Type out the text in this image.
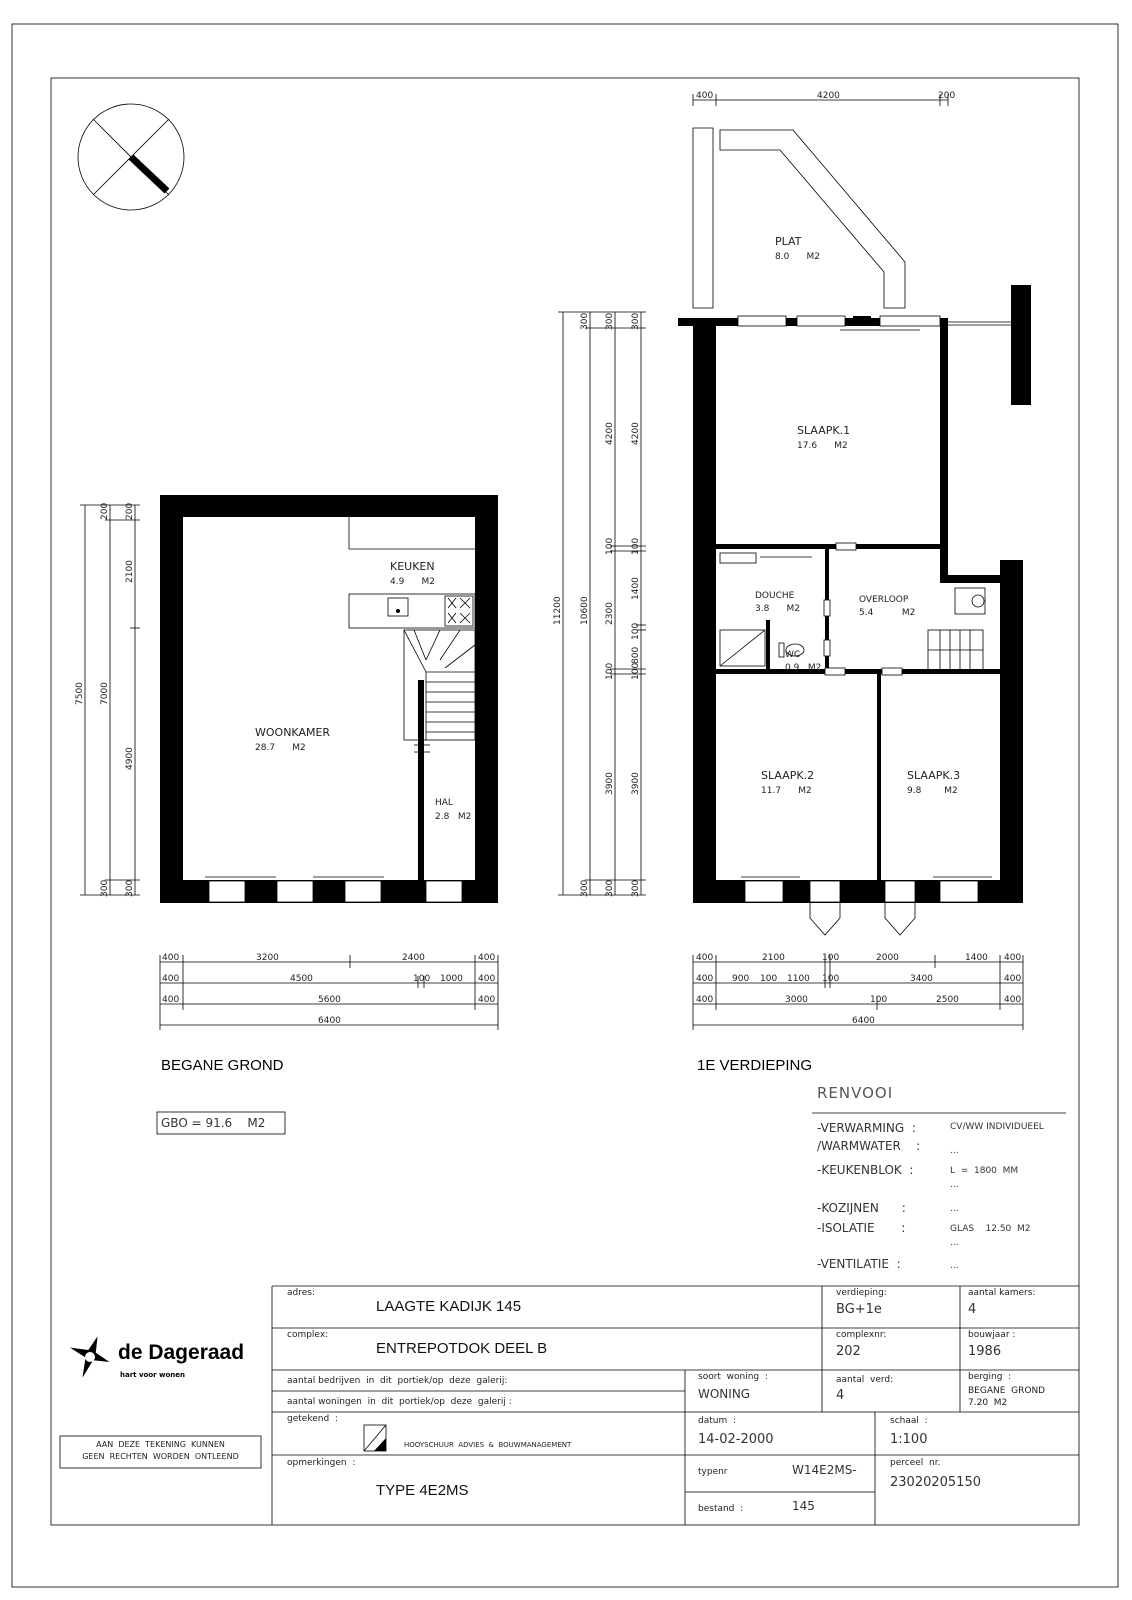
7500 7000
200 200
2100
4900
300 300
400	3200	2400	400
400	4500	100 1000 400
400	5600	400
6400
400	4200	200
11200 10600
300 300 300
4200 4200
100 100
2300
1400
100
800
100 100
3900 3900
300 300 300
400	2100	100	2000	1400 400
400 900 100 1100 100	3400	400
400	3000	100	2500	400
6400
KEUKEN
4.9      M2
WOONKAMER
28.7      M2
HAL
2.8   M2
PLAT
8.0      M2
SLAAPK.1
17.6      M2
DOUCHE
3.8      M2
OVERLOOP
5.4          M2
WC
0.9   M2
SLAAPK.2
11.7      M2
SLAAPK.3
9.8        M2
BEGANE GROND	1E VERDIEPING
GBO = 91.6    M2
RENVOOI
-VERWARMING  :	CV/WW INDIVIDUEEL
/WARMWATER    :	...
-KEUKENBLOK  :	L  =  1800  MM
...
-KOZIJNEN      :	...
-ISOLATIE       :	GLAS    12.50  M2
...
-VENTILATIE  :	...
de Dageraad
hart voor wonen
AAN  DEZE  TEKENING  KUNNEN
GEEN  RECHTEN  WORDEN  ONTLEEND
adres:
LAAGTE KADIJK 145
verdieping:
BG+1e
aantal kamers:
4
complex:
ENTREPOTDOK DEEL B
complexnr:
202
bouwjaar :
1986
aantal bedrijven  in  dit  portiek/op  deze  galerij:
aantal woningen  in  dit  portiek/op  deze  galerij :
soort  woning  :
WONING
aantal  verd:
4
berging  :
BEGANE  GROND
7.20  M2
getekend  :
HOOYSCHUUR  ADVIES  &  BOUWMANAGEMENT
datum  :
14-02-2000
schaal  :
1:100
opmerkingen  :
TYPE 4E2MS
typenr	W14E2MS-	perceel  nr.
23020205150
bestand  :	145
